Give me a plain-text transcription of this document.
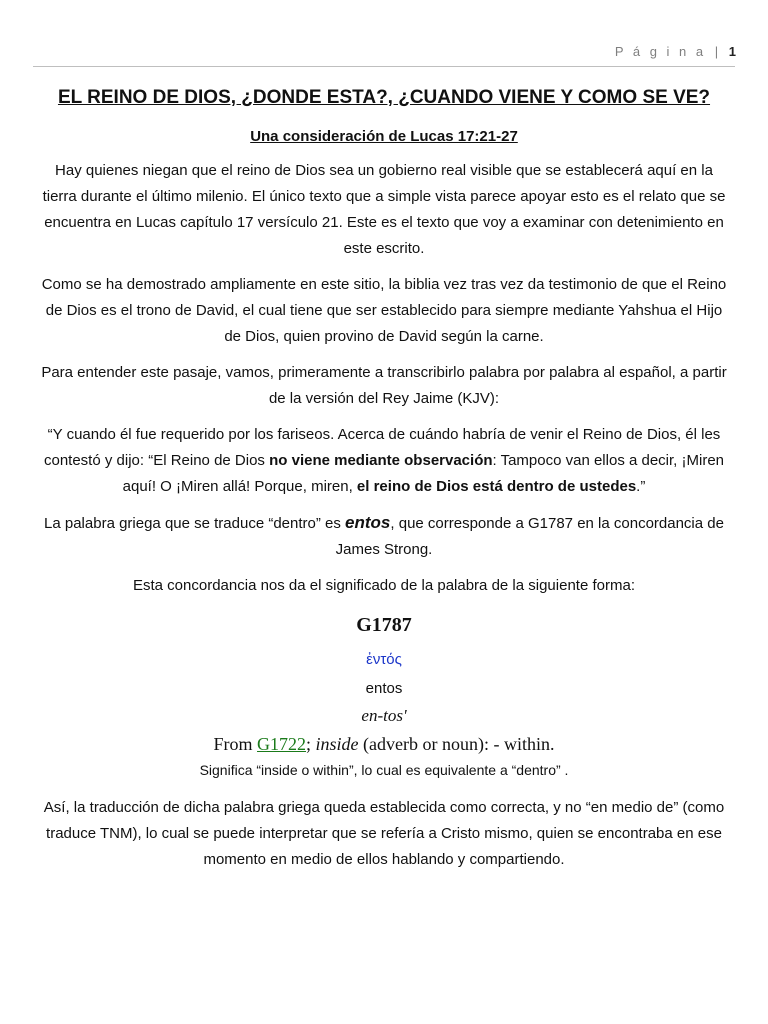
P á g i n a | 1
EL REINO DE DIOS, ¿DONDE ESTA?, ¿CUANDO VIENE Y COMO SE VE?
Una consideración de Lucas 17:21-27

Hay quienes niegan que el reino de Dios sea un gobierno real visible que se establecerá aquí en la tierra durante el último milenio. El único texto que a simple vista parece apoyar esto es el relato que se encuentra en Lucas capítulo 17 versículo 21. Este es el texto que voy a examinar con detenimiento en este escrito.

Como se ha demostrado ampliamente en este sitio, la biblia vez tras vez da testimonio de que el Reino de Dios es el trono de David, el cual tiene que ser establecido para siempre mediante Yahshua el Hijo de Dios, quien provino de David según la carne.

Para entender este pasaje, vamos, primeramente a transcribirlo palabra por palabra al español, a partir de la versión del Rey Jaime (KJV):

“Y cuando él fue requerido por los fariseos. Acerca de cuándo habría de venir el Reino de Dios, él les contestó y dijo: “El Reino de Dios no viene mediante observación: Tampoco van ellos a decir, ¡Miren aquí! O ¡Miren allá! Porque, miren, el reino de Dios está dentro de ustedes.”

La palabra griega que se traduce “dentro” es entos, que corresponde a G1787 en la concordancia de James Strong.

Esta concordancia nos da el significado de la palabra de la siguiente forma:

G1787
ἐντός
entos
en-tos'
From G1722; inside (adverb or noun): - within.
Significa “inside o within”, lo cual es equivalente a “dentro” .

Así, la traducción de dicha palabra griega queda establecida como correcta, y no “en medio de” (como traduce TNM), lo cual se puede interpretar que se refería a Cristo mismo, quien se encontraba en ese momento en medio de ellos hablando y compartiendo.
